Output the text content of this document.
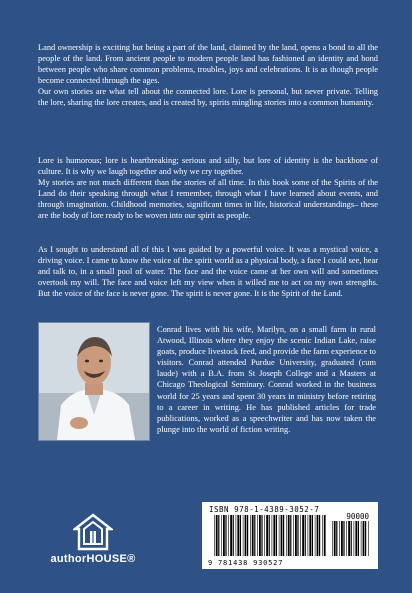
Land ownership is exciting but being a part of the land, claimed by the land, opens a bond to all the people of the land. From ancient people to modern people land has fashioned an identity and bond between people who share common problems, troubles, joys and celebrations. It is as though people become connected through the ages.

Our own stories are what tell about the connected lore. Lore is personal, but never private. Telling the lore, sharing the lore creates, and is created by, spirits mingling stories into a common humanity.

Lore is humorous; lore is heartbreaking; serious and silly, but lore of identity is the backbone of culture. It is why we laugh together and why we cry together.

My stories are not much different than the stories of all time. In this book some of the Spirits of the Land do their speaking through what I remember, through what I have learned about events, and through imagination. Childhood memories, significant times in life, historical understandings– these are the body of lore ready to be woven into our spirit as people.

As I sought to understand all of this I was guided by a powerful voice. It was a mystical voice, a driving voice. I came to know the voice of the spirit world as a physical body, a face I could see, hear and talk to, in a small pool of water. The face and the voice came at her own will and sometimes overtook my will. The face and voice left my view when it willed me to act on my own strengths. But the voice of the face is never gone. The spirit is never gone. It is the Spirit of the Land.

Conrad lives with his wife, Marilyn, on a small farm in rural Atwood, Illinois where they enjoy the scenic Indian Lake, raise goats, produce livestock feed, and provide the farm experience to visitors. Conrad attended Purdue University, graduated (cum laude) with a B.A. from St Joseph College and a Masters at Chicago Theological Seminary. Conrad worked in the business world for 25 years and spent 30 years in ministry before retiring to a career in writing. He has published articles for trade publications, worked as a speechwriter and has now taken the plunge into the world of fiction writing.
authorHOUSE®
ISBN 978-1-4389-3052-7
90000
9 781438 930527
